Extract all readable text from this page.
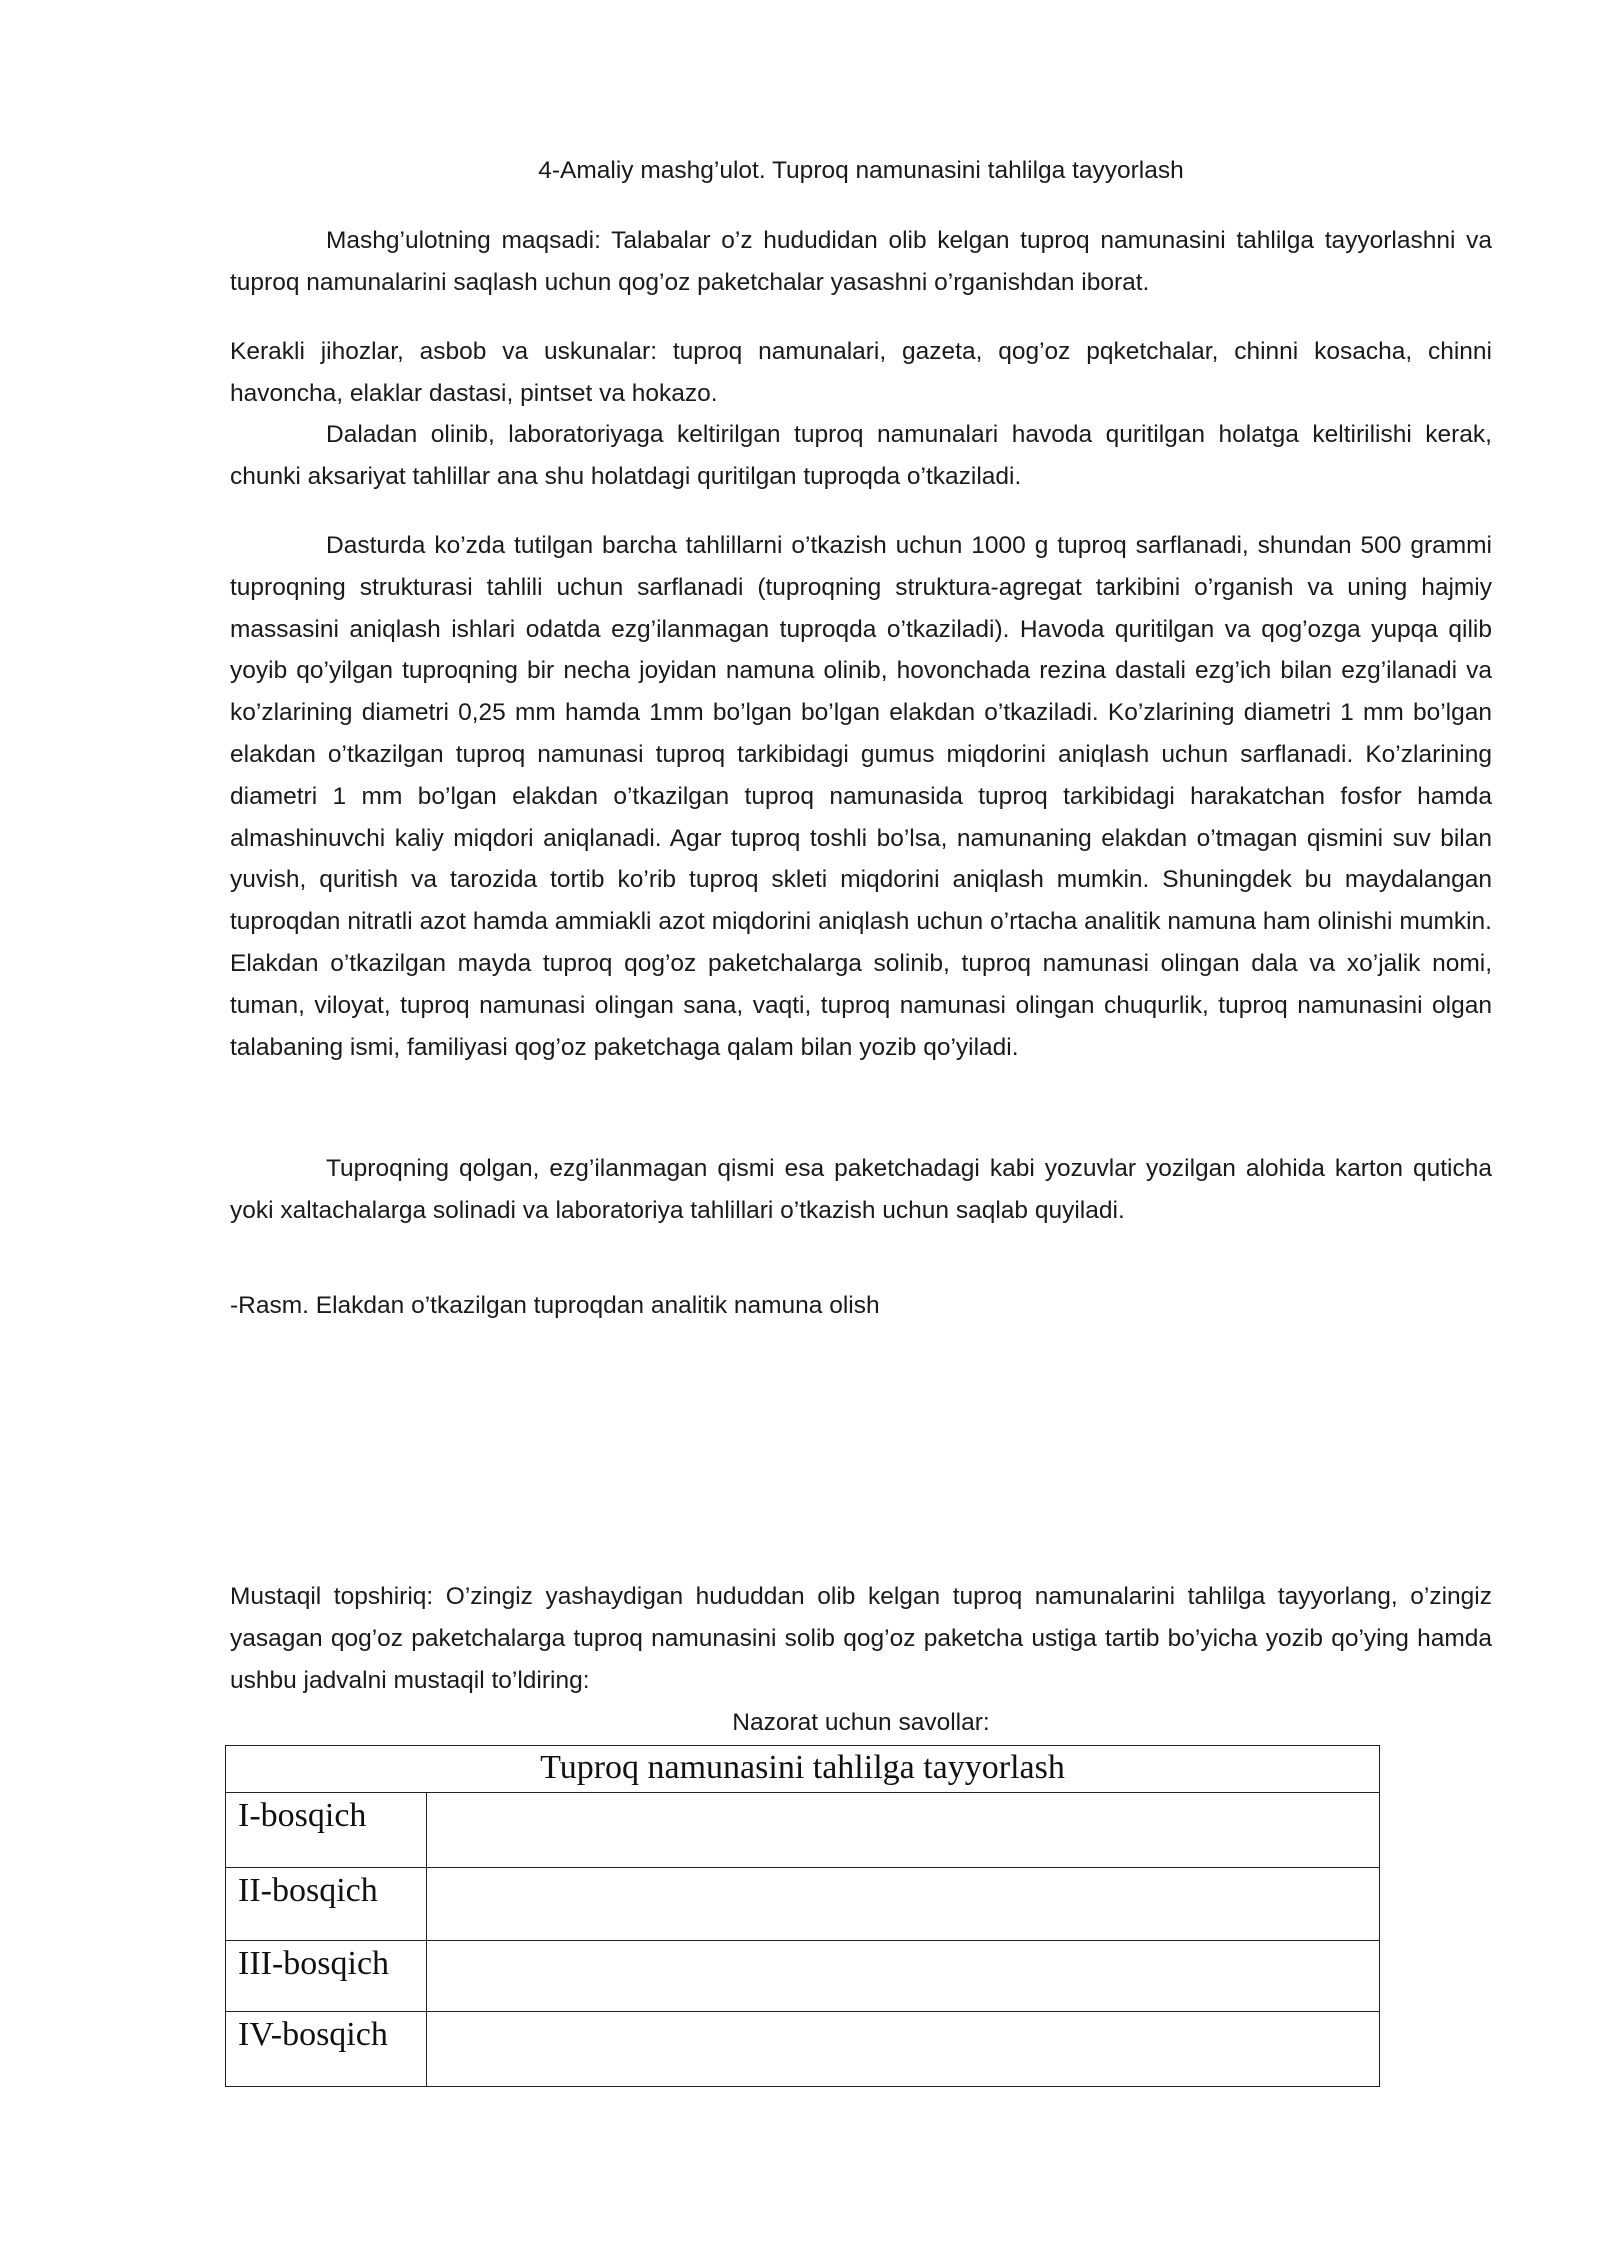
4-Amaliy mashg’ulot. Tuproq namunasini tahlilga tayyorlash

Mashg’ulotning maqsadi: Talabalar o’z hududidan olib kelgan tuproq namunasini tahlilga tayyorlashni va tuproq namunalarini saqlash uchun qog’oz paketchalar yasashni o’rganishdan iborat.

Kerakli jihozlar, asbob va uskunalar: tuproq namunalari, gazeta, qog’oz pqketchalar, chinni kosacha, chinni havoncha, elaklar dastasi, pintset va hokazo.

Daladan olinib, laboratoriyaga keltirilgan tuproq namunalari havoda quritilgan holatga keltirilishi kerak, chunki aksariyat tahlillar ana shu holatdagi quritilgan tuproqda o’tkaziladi.

Dasturda ko’zda tutilgan barcha tahlillarni o’tkazish uchun 1000 g tuproq sarflanadi, shundan 500 grammi tuproqning strukturasi tahlili uchun sarflanadi (tuproqning struktura-agregat tarkibini o’rganish va uning hajmiy massasini aniqlash ishlari odatda ezg’ilanmagan tuproqda o’tkaziladi). Havoda quritilgan va qog’ozga yupqa qilib yoyib qo’yilgan tuproqning bir necha joyidan namuna olinib, hovonchada rezina dastali ezg’ich bilan ezg’ilanadi va ko’zlarining diametri 0,25 mm hamda 1mm bo’lgan bo’lgan elakdan o’tkaziladi. Ko’zlarining diametri 1 mm bo’lgan elakdan o’tkazilgan tuproq namunasi tuproq tarkibidagi gumus miqdorini aniqlash uchun sarflanadi. Ko’zlarining diametri 1 mm bo’lgan elakdan o’tkazilgan tuproq namunasida tuproq tarkibidagi harakatchan fosfor hamda almashinuvchi kaliy miqdori aniqlanadi. Agar tuproq toshli bo’lsa, namunaning elakdan o’tmagan qismini suv bilan yuvish, quritish va tarozida tortib ko’rib tuproq skleti miqdorini aniqlash mumkin. Shuningdek bu maydalangan tuproqdan nitratli azot hamda ammiakli azot miqdorini aniqlash uchun o’rtacha analitik namuna ham olinishi mumkin. Elakdan o’tkazilgan mayda tuproq qog’oz paketchalarga solinib, tuproq namunasi olingan dala va xo’jalik nomi, tuman, viloyat, tuproq namunasi olingan sana, vaqti, tuproq namunasi olingan chuqurlik, tuproq namunasini olgan talabaning ismi, familiyasi qog’oz paketchaga qalam bilan yozib qo’yiladi.

Tuproqning qolgan, ezg’ilanmagan qismi esa paketchadagi kabi yozuvlar yozilgan alohida karton quticha yoki xaltachalarga solinadi va laboratoriya tahlillari o’tkazish uchun saqlab quyiladi.

-Rasm. Elakdan o’tkazilgan tuproqdan analitik namuna olish

Mustaqil topshiriq: O’zingiz yashaydigan hududdan olib kelgan tuproq namunalarini tahlilga tayyorlang, o’zingiz yasagan qog’oz paketchalarga tuproq namunasini solib qog’oz paketcha ustiga tartib bo’yicha yozib qo’ying hamda ushbu jadvalni mustaqil to’ldiring:

Nazorat uchun savollar:
Tuproq namunasini tahlilga tayyorlash	
I-bosqich	
II-bosqich	
III-bosqich	
IV-bosqich	
